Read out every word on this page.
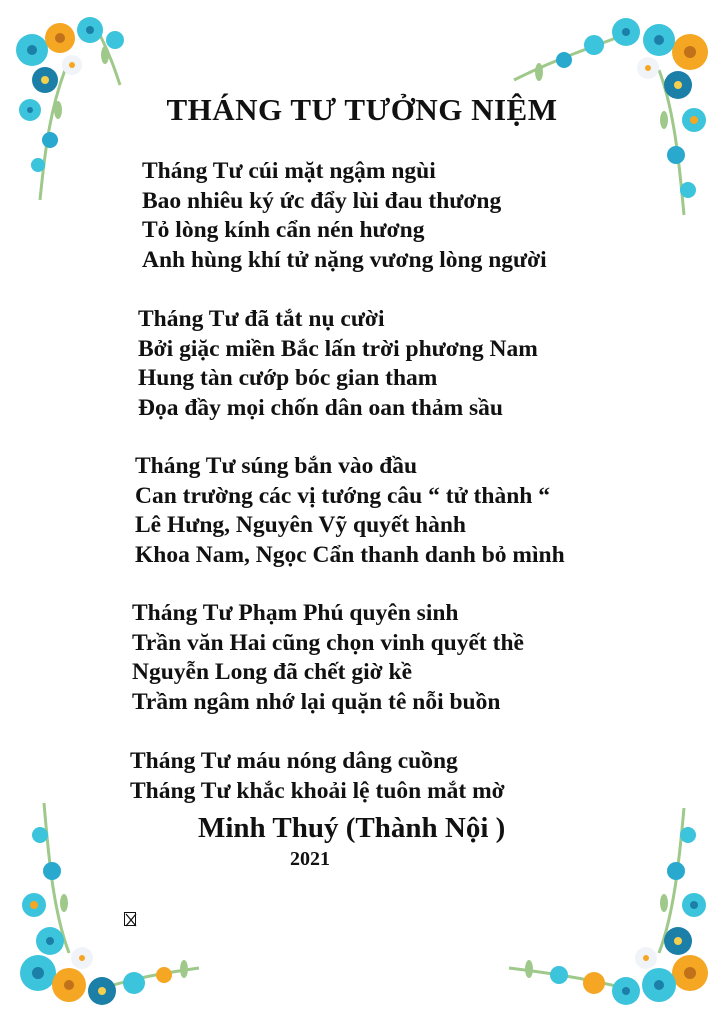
THÁNG TƯ TƯỞNG NIỆM
Tháng Tư cúi mặt ngậm ngùi
Bao nhiêu ký ức đẩy lùi đau thương
Tỏ lòng kính cẩn nén hương
Anh hùng khí tử nặng vương lòng người
Tháng Tư đã tắt nụ cười
Bởi giặc miền Bắc lấn trời phương Nam
Hung tàn cướp bóc gian tham
Đọa đầy mọi chốn dân oan thảm sầu
Tháng Tư súng bắn vào đầu
Can trường các vị tướng câu “ tử thành “
Lê Hưng, Nguyên Vỹ quyết hành
Khoa Nam, Ngọc Cẩn thanh danh bỏ mình
Tháng Tư Phạm Phú quyên sinh
Trần văn Hai cũng chọn vinh quyết thề
Nguyễn Long đã chết giờ kề
Trầm ngâm nhớ lại quặn tê nỗi buồn
Tháng Tư máu nóng dâng cuồng
Tháng Tư khắc khoải lệ tuôn mắt mờ
Minh Thuý (Thành Nội )
2021
